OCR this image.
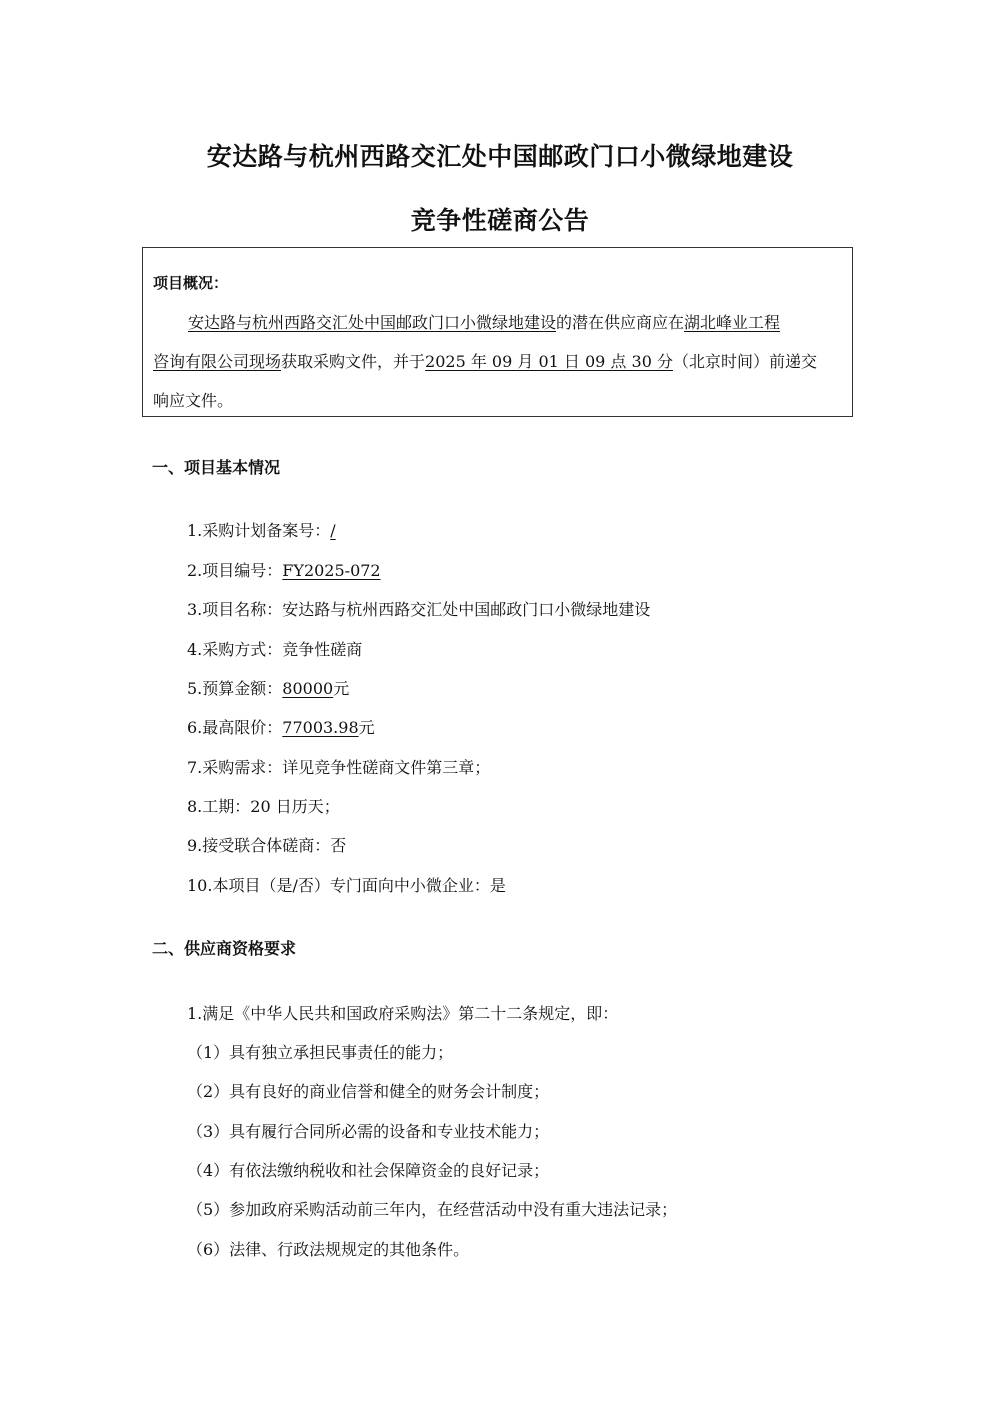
安达路与杭州西路交汇处中国邮政门口小微绿地建设
竞争性磋商公告
项目概况：
安达路与杭州西路交汇处中国邮政门口小微绿地建设的潜在供应商应在湖北峰业工程
咨询有限公司现场获取采购文件，并于2025 年 09 月 01 日 09 点 30 分（北京时间）前递交
响应文件。
一、项目基本情况
1.采购计划备案号：/
2.项目编号：FY2025-072
3.项目名称：安达路与杭州西路交汇处中国邮政门口小微绿地建设
4.采购方式：竞争性磋商
5.预算金额：80000元
6.最高限价：77003.98元
7.采购需求：详见竞争性磋商文件第三章；
8.工期：20 日历天；
9.接受联合体磋商：否
10.本项目（是/否）专门面向中小微企业：是
二、供应商资格要求
1.满足《中华人民共和国政府采购法》第二十二条规定，即：
（1）具有独立承担民事责任的能力；
（2）具有良好的商业信誉和健全的财务会计制度；
（3）具有履行合同所必需的设备和专业技术能力；
（4）有依法缴纳税收和社会保障资金的良好记录；
（5）参加政府采购活动前三年内，在经营活动中没有重大违法记录；
（6）法律、行政法规规定的其他条件。
